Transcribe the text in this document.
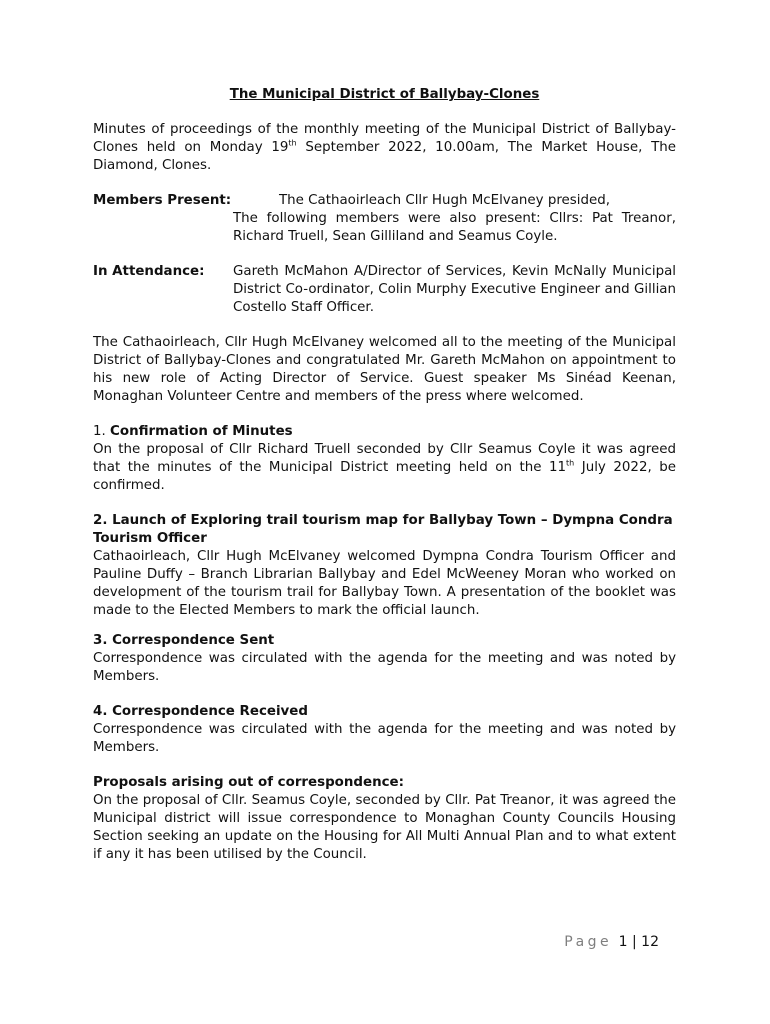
The Municipal District of Ballybay-Clones

Minutes of proceedings of the monthly meeting of the Municipal District of Ballybay-Clones held on Monday 19th September 2022, 10.00am, The Market House, The Diamond, Clones.

Members Present:	The Cathaoirleach Cllr Hugh McElvaney presided,

The following members were also present: Cllrs: Pat Treanor, Richard Truell, Sean Gilliland and Seamus Coyle.

In Attendance:	Gareth McMahon A/Director of Services, Kevin McNally Municipal District Co-ordinator, Colin Murphy Executive Engineer and Gillian Costello Staff Officer.

The Cathaoirleach, Cllr Hugh McElvaney welcomed all to the meeting of the Municipal District of Ballybay-Clones and congratulated Mr. Gareth McMahon on appointment to his new role of Acting Director of Service. Guest speaker Ms Sinéad Keenan, Monaghan Volunteer Centre and members of the press where welcomed.

1. Confirmation of Minutes

On the proposal of Cllr Richard Truell seconded by Cllr Seamus Coyle it was agreed that the minutes of the Municipal District meeting held on the 11th July 2022, be confirmed.

2. Launch of Exploring trail tourism map for Ballybay Town – Dympna Condra Tourism Officer

Cathaoirleach, Cllr Hugh McElvaney welcomed Dympna Condra Tourism Officer and Pauline Duffy – Branch Librarian Ballybay and Edel McWeeney Moran who worked on development of the tourism trail for Ballybay Town. A presentation of the booklet was made to the Elected Members to mark the official launch.

3. Correspondence Sent

Correspondence was circulated with the agenda for the meeting and was noted by Members.

4. Correspondence Received

Correspondence was circulated with the agenda for the meeting and was noted by Members.

Proposals arising out of correspondence:

On the proposal of Cllr. Seamus Coyle, seconded by Cllr. Pat Treanor, it was agreed the Municipal district will issue correspondence to Monaghan County Councils Housing Section seeking an update on the Housing for All Multi Annual Plan and to what extent if any it has been utilised by the Council.

Page 1 | 12
